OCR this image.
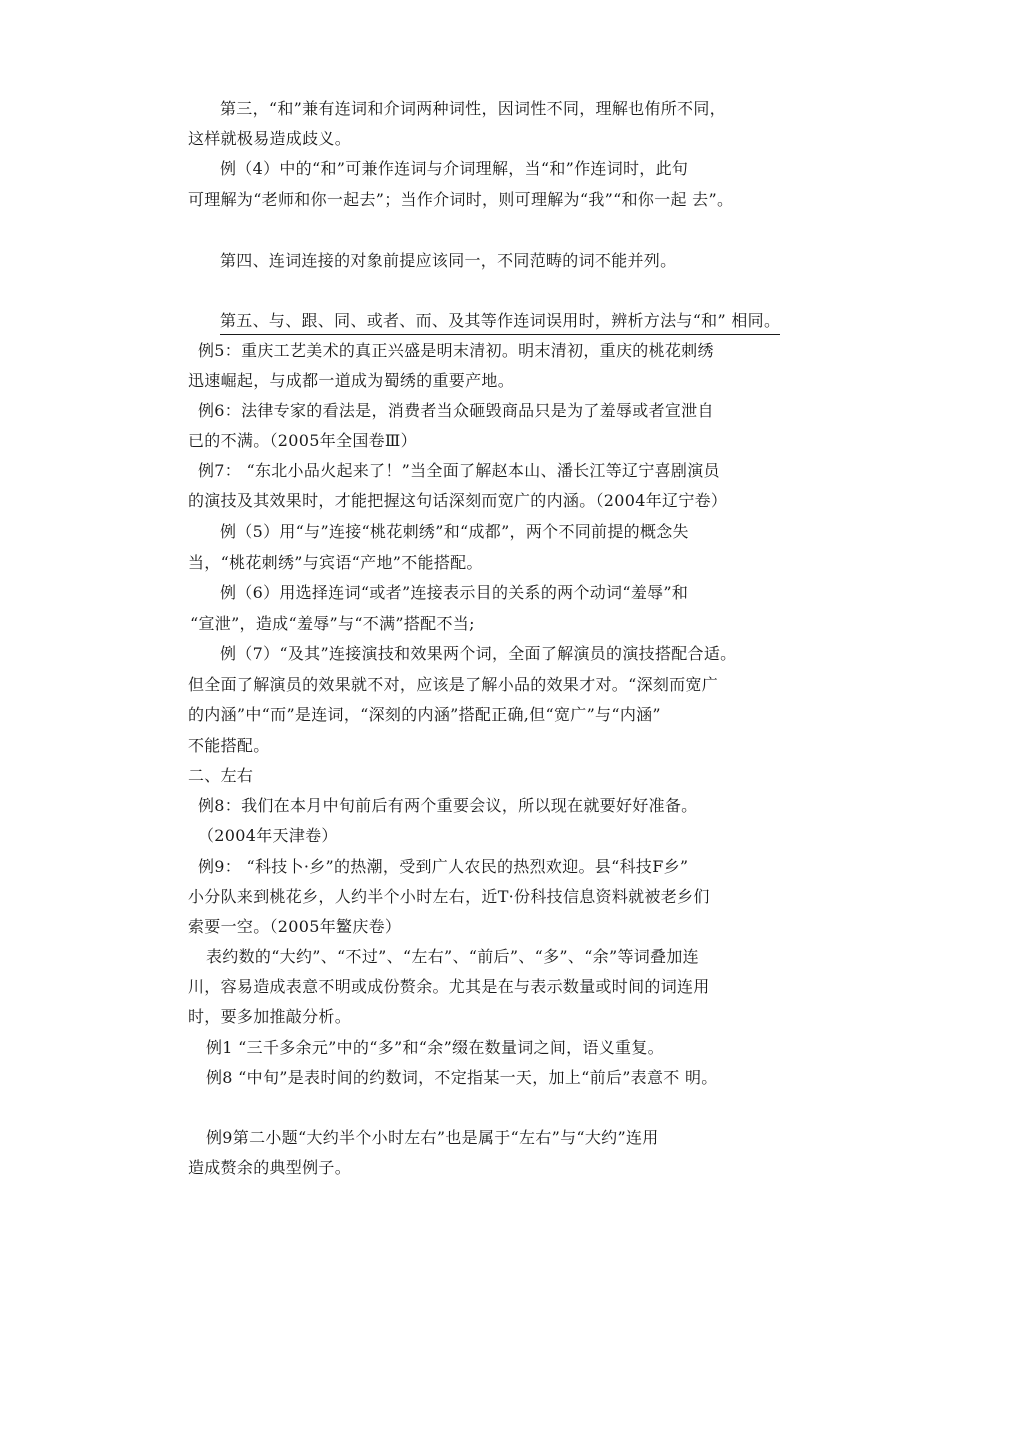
第三，“和”兼有连词和介词两种词性，因词性不同，理解也侑所不同，
这样就极易造成歧义。
例（4）中的“和”可兼作连词与介词理解，当“和”作连词时，此句
可理解为“老师和你一起去”；当作介词时，则可理解为“我”“和你一起 去”。
第四、连词连接的对象前提应该同一，不同范畴的词不能并列。
第五、与、跟、同、或者、而、及其等作连词误用时，辨析方法与“和” 相同。
例5：重庆工艺美术的真正兴盛是明末清初。明末清初，重庆的桃花刺绣
迅速崛起，与成都一道成为蜀绣的重要产地。
例6：法律专家的看法是，消费者当众砸毁商品只是为了羞辱或者宣泄自
已的不满。（2005年全国卷Ⅲ）
例7： “东北小品火起来了！”当全面了解赵本山、潘长江等辽宁喜剧演员
的演技及其效果时，才能把握这句话深刻而宽广的内涵。（2004年辽宁卷）
例（5）用“与”连接“桃花刺绣”和“成都”，两个不同前提的概念失
当，“桃花刺绣”与宾语“产地”不能搭配。
例（6）用选择连词“或者”连接表示目的关系的两个动词“羞辱”和
“宣泄”，造成“羞辱”与“不满”搭配不当;
例（7）“及其”连接演技和效果两个词，全面了解演员的演技搭配合适。
但全面了解演员的效果就不对，应该是了解小品的效果才对。“深刻而宽广
的内涵”中“而”是连词，“深刻的内涵”搭配正确,但“宽广”与“内涵”
不能搭配。
二、左右
例8：我们在本月中旬前后有两个重要会议，所以现在就要好好准备。
（2004年天津卷）
例9： “科技卜·乡”的热潮，受到广人农民的热烈欢迎。县“科技F乡”
小分队来到桃花乡，人约半个小时左右，近T·份科技信息资料就被老乡们
索要一空。（2005年鳘庆卷）
表约数的“大约”、“不过”、“左右”、“前后”、“多”、“余”等词叠加连
川，容易造成表意不明或成份赘余。尤其是在与表示数量或时间的词连用
时，要多加推敲分析。
例1 “三千多余元”中的“多”和“余”缀在数量词之间，语义重复。
例8 “中旬”是表时间的约数词，不定指某一天，加上“前后”表意不 明。
例9第二小题“大约半个小时左右”也是属于“左右”与“大约”连用
造成赘余的典型例子。
